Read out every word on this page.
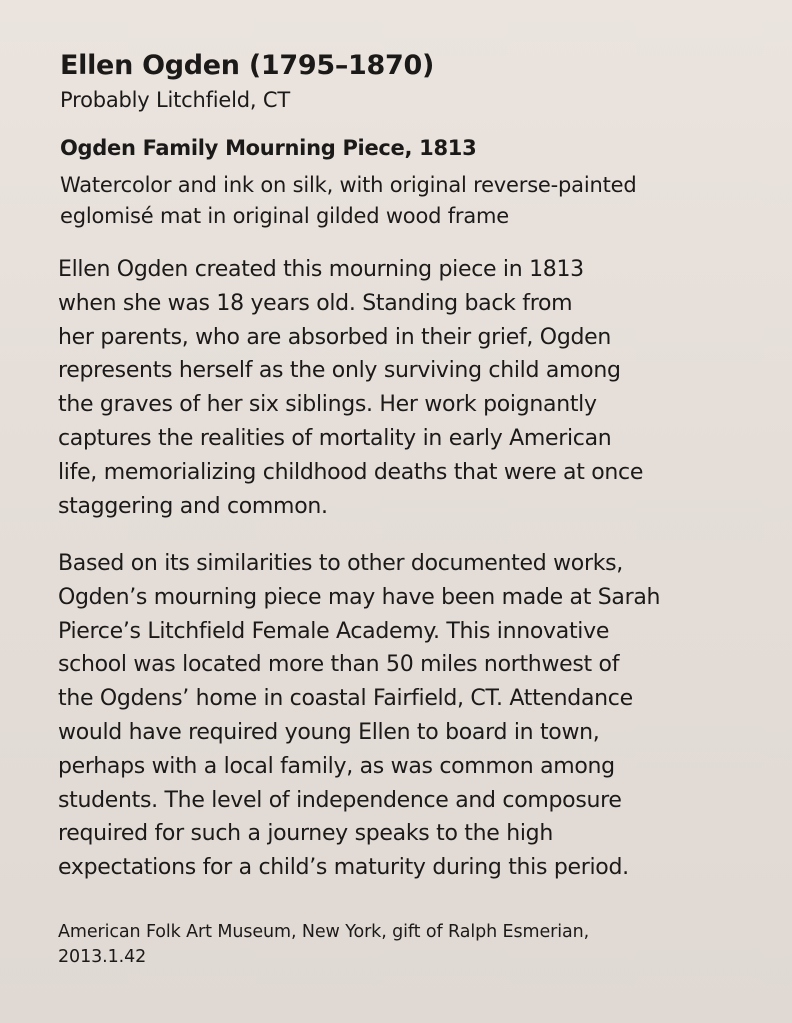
Ellen Ogden (1795–1870)
Probably Litchfield, CT
Ogden Family Mourning Piece, 1813
Watercolor and ink on silk, with original reverse-painted
eglomisé mat in original gilded wood frame
Ellen Ogden created this mourning piece in 1813
when she was 18 years old. Standing back from
her parents, who are absorbed in their grief, Ogden
represents herself as the only surviving child among
the graves of her six siblings. Her work poignantly
captures the realities of mortality in early American
life, memorializing childhood deaths that were at once
staggering and common.
Based on its similarities to other documented works,
Ogden’s mourning piece may have been made at Sarah
Pierce’s Litchfield Female Academy. This innovative
school was located more than 50 miles northwest of
the Ogdens’ home in coastal Fairfield, CT. Attendance
would have required young Ellen to board in town,
perhaps with a local family, as was common among
students. The level of independence and composure
required for such a journey speaks to the high
expectations for a child’s maturity during this period.
American Folk Art Museum, New York, gift of Ralph Esmerian,
2013.1.42
